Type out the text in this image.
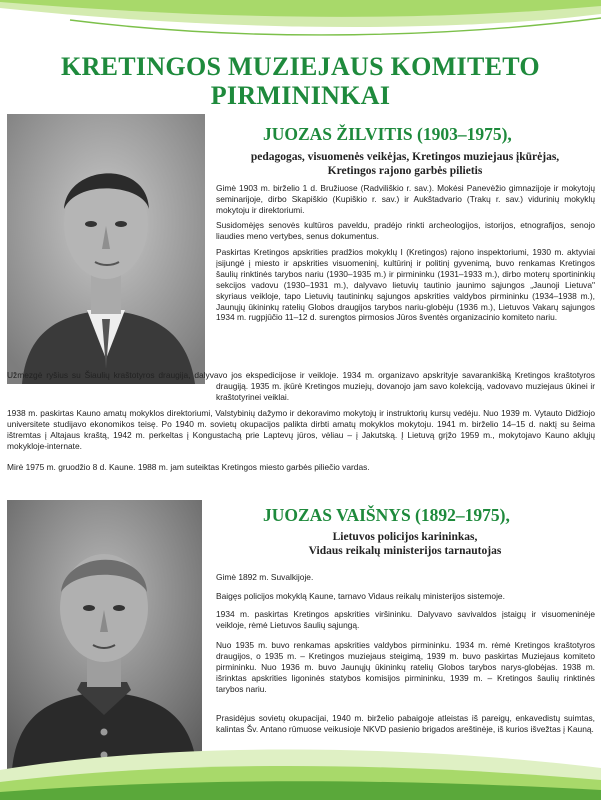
KRETINGOS MUZIEJAUS KOMITETO
PIRMININKAI
JUOZAS ŽILVITIS (1903–1975),

pedagogas, visuomenės veikėjas, Kretingos muziejaus įkūrėjas,
Kretingos rajono garbės pilietis

Gimė 1903 m. birželio 1 d. Bružiuose (Radviliškio r. sav.). Mokėsi Panevėžio gimnazijoje ir mokytojų seminarijoje, dirbo Skapiškio (Kupiškio r. sav.) ir Aukštadvario (Trakų r. sav.) vidurinių mokyklų mokytoju ir direktoriumi.

Susidomėjęs senovės kultūros paveldu, pradėjo rinkti archeologijos, istorijos, etnografijos, senojo liaudies meno vertybes, senus dokumentus.

Paskirtas Kretingos apskrities pradžios mokyklų I (Kretingos) rajono inspektoriumi, 1930 m. aktyviai įsijungė į miesto ir apskrities visuomeninį, kultūrinį ir politinį gyvenimą, buvo renkamas Kretingos šaulių rinktinės tarybos nariu (1930–1935 m.) ir pirmininku (1931–1933 m.), dirbo moterų sportininkių sekcijos vadovu (1930–1931 m.), dalyvavo lietuvių tautinio jaunimo sąjungos „Jaunoji Lietuva" skyriaus veikloje, tapo Lietuvių tautininkų sąjungos apskrities valdybos pirmininku (1934–1938 m.), Jaunųjų ūkininkų ratelių Globos draugijos tarybos nariu-globėju (1936 m.), Lietuvos Vakarų sąjungos 1934 m. rugpjūčio 11–12 d. surengtos pirmosios Jūros šventės organizacinio komiteto nariu.

Užmezgė ryšius su Šiaulių kraštotyros draugija, dalyvavo jos ekspedicijose ir veikloje. 1934 m. organizavo apskrityje savarankišką Kretingos kraštotyros draugiją. 1935 m. įkūrė Kretingos muziejų, dovanojo jam savo kolekciją, vadovavo muziejaus ūkinei ir kraštotyrinei veiklai.

1938 m. paskirtas Kauno amatų mokyklos direktoriumi, Valstybinių dažymo ir dekoravimo mokytojų ir instruktorių kursų vedėju. Nuo 1939 m. Vytauto Didžiojo universitete studijavo ekonomikos teisę. Po 1940 m. sovietų okupacijos palikta dirbti amatų mokyklos mokytoju. 1941 m. birželio 14–15 d. naktį su šeima ištremtas į Altajaus kraštą, 1942 m. perkeltas į Kongustachą prie Laptevų jūros, vėliau – į Jakutską. Į Lietuvą grįžo 1959 m., mokytojavo Kauno aklųjų mokykloje-internate.

Mirė 1975 m. gruodžio 8 d. Kaune. 1988 m. jam suteiktas Kretingos miesto garbės piliečio vardas.

JUOZAS VAIŠNYS (1892–1975),

Lietuvos policijos karininkas,
Vidaus reikalų ministerijos tarnautojas

Gimė 1892 m. Suvalkijoje.

Baigęs policijos mokyklą Kaune, tarnavo Vidaus reikalų ministerijos sistemoje.

1934 m. paskirtas Kretingos apskrities viršininku. Dalyvavo savivaldos įstaigų ir visuomeninėje veikloje, rėmė Lietuvos šaulių sąjungą.

Nuo 1935 m. buvo renkamas apskrities valdybos pirmininku. 1934 m. rėmė Kretingos kraštotyros draugijos, o 1935 m. – Kretingos muziejaus steigimą, 1939 m. buvo paskirtas Muziejaus komiteto pirmininku. Nuo 1936 m. buvo Jaunųjų ūkininkų ratelių Globos tarybos narys-globėjas. 1938 m. išrinktas apskrities ligoninės statybos komisijos pirmininku, 1939 m. – Kretingos šaulių rinktinės tarybos nariu.

Prasidėjus sovietų okupacijai, 1940 m. birželio pabaigoje atleistas iš pareigų, enkavedistų suimtas, kalintas Šv. Antano rūmuose veikusioje NKVD pasienio brigados areštinėje, iš kurios išvežtas į Kauną.
